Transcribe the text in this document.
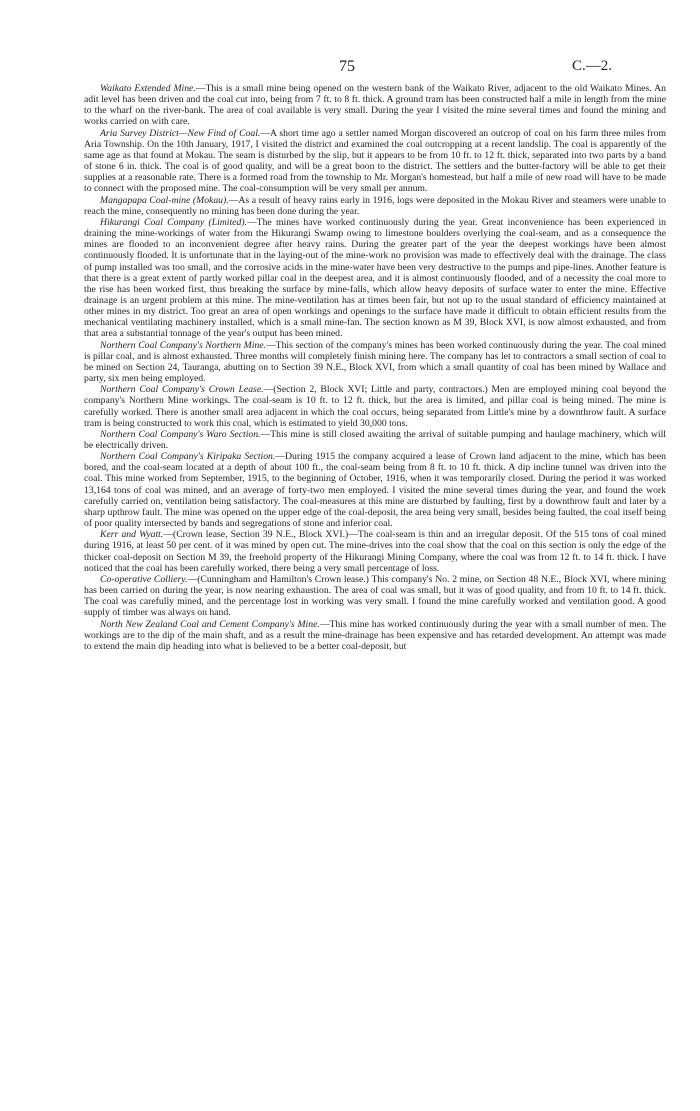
75	C.—2.

Waikato Extended Mine.—This is a small mine being opened on the western bank of the Waikato River, adjacent to the old Waikato Mines. An adit level has been driven and the coal cut into, being from 7 ft. to 8 ft. thick. A ground tram has been constructed half a mile in length from the mine to the wharf on the river-bank. The area of coal available is very small. During the year I visited the mine several times and found the mining and works carried on with care.

Aria Survey District—New Find of Coal.—A short time ago a settler named Morgan discovered an outcrop of coal on his farm three miles from Aria Township. On the 10th January, 1917, I visited the district and examined the coal outcropping at a recent landslip. The coal is apparently of the same age as that found at Mokau. The seam is disturbed by the slip, but it appears to be from 10 ft. to 12 ft. thick, separated into two parts by a band of stone 6 in. thick. The coal is of good quality, and will be a great boon to the district. The settlers and the butter-factory will be able to get their supplies at a reasonable rate. There is a formed road from the township to Mr. Morgan's homestead, but half a mile of new road will have to be made to connect with the proposed mine. The coal-consumption will be very small per annum.

Mangapapa Coal-mine (Mokau).—As a result of heavy rains early in 1916, logs were deposited in the Mokau River and steamers were unable to reach the mine, consequently no mining has been done during the year.

Hikurangi Coal Company (Limited).—The mines have worked continuously during the year. Great inconvenience has been experienced in draining the mine-workings of water from the Hikurangi Swamp owing to limestone boulders overlying the coal-seam, and as a consequence the mines are flooded to an inconvenient degree after heavy rains. During the greater part of the year the deepest workings have been almost continuously flooded. It is unfortunate that in the laying-out of the mine-work no provision was made to effectively deal with the drainage. The class of pump installed was too small, and the corrosive acids in the mine-water have been very destructive to the pumps and pipe-lines. Another feature is that there is a great extent of partly worked pillar coal in the deepest area, and it is almost continuously flooded, and of a necessity the coal more to the rise has been worked first, thus breaking the surface by mine-falls, which allow heavy deposits of surface water to enter the mine. Effective drainage is an urgent problem at this mine. The mine-ventilation has at times been fair, but not up to the usual standard of efficiency maintained at other mines in my district. Too great an area of open workings and openings to the surface have made it difficult to obtain efficient results from the mechanical ventilating machinery installed, which is a small mine-fan. The section known as M 39, Block XVI, is now almost exhausted, and from that area a substantial tonnage of the year's output has been mined.

Northern Coal Company's Northern Mine.—This section of the company's mines has been worked continuously during the year. The coal mined is pillar coal, and is almost exhausted. Three months will completely finish mining here. The company has let to contractors a small section of coal to be mined on Section 24, Tauranga, abutting on to Section 39 N.E., Block XVI, from which a small quantity of coal has been mined by Wallace and party, six men being employed.

Northern Coal Company's Crown Lease.—(Section 2, Block XVI; Little and party, contractors.) Men are employed mining coal beyond the company's Northern Mine workings. The coal-seam is 10 ft. to 12 ft. thick, but the area is limited, and pillar coal is being mined. The mine is carefully worked. There is another small area adjacent in which the coal occurs, being separated from Little's mine by a downthrow fault. A surface tram is being constructed to work this coal, which is estimated to yield 30,000 tons.

Northern Coal Company's Waro Section.—This mine is still closed awaiting the arrival of suitable pumping and haulage machinery, which will be electrically driven.

Northern Coal Company's Kiripaka Section.—During 1915 the company acquired a lease of Crown land adjacent to the mine, which has been bored, and the coal-seam located at a depth of about 100 ft., the coal-seam being from 8 ft. to 10 ft. thick. A dip incline tunnel was driven into the coal. This mine worked from September, 1915, to the beginning of October, 1916, when it was temporarily closed. During the period it was worked 13,164 tons of coal was mined, and an average of forty-two men employed. I visited the mine several times during the year, and found the work carefully carried on, ventilation being satisfactory. The coal-measures at this mine are disturbed by faulting, first by a downthrow fault and later by a sharp upthrow fault. The mine was opened on the upper edge of the coal-deposit, the area being very small, besides being faulted, the coal itself being of poor quality intersected by bands and segregations of stone and inferior coal.

Kerr and Wyatt.—(Crown lease, Section 39 N.E., Block XVI.)—The coal-seam is thin and an irregular deposit. Of the 515 tons of coal mined during 1916, at least 50 per cent. of it was mined by open cut. The mine-drives into the coal show that the coal on this section is only the edge of the thicker coal-deposit on Section M 39, the freehold property of the Hikurangi Mining Company, where the coal was from 12 ft. to 14 ft. thick. I have noticed that the coal has been carefully worked, there being a very small percentage of loss.

Co-operative Colliery.—(Cunningham and Hamilton's Crown lease.) This company's No. 2 mine, on Section 48 N.E., Block XVI, where mining has been carried on during the year, is now nearing exhaustion. The area of coal was small, but it was of good quality, and from 10 ft. to 14 ft. thick. The coal was carefully mined, and the percentage lost in working was very small. I found the mine carefully worked and ventilation good. A good supply of timber was always on hand.

North New Zealand Coal and Cement Company's Mine.—This mine has worked continuously during the year with a small number of men. The workings are to the dip of the main shaft, and as a result the mine-drainage has been expensive and has retarded development. An attempt was made to extend the main dip heading into what is believed to be a better coal-deposit, but
